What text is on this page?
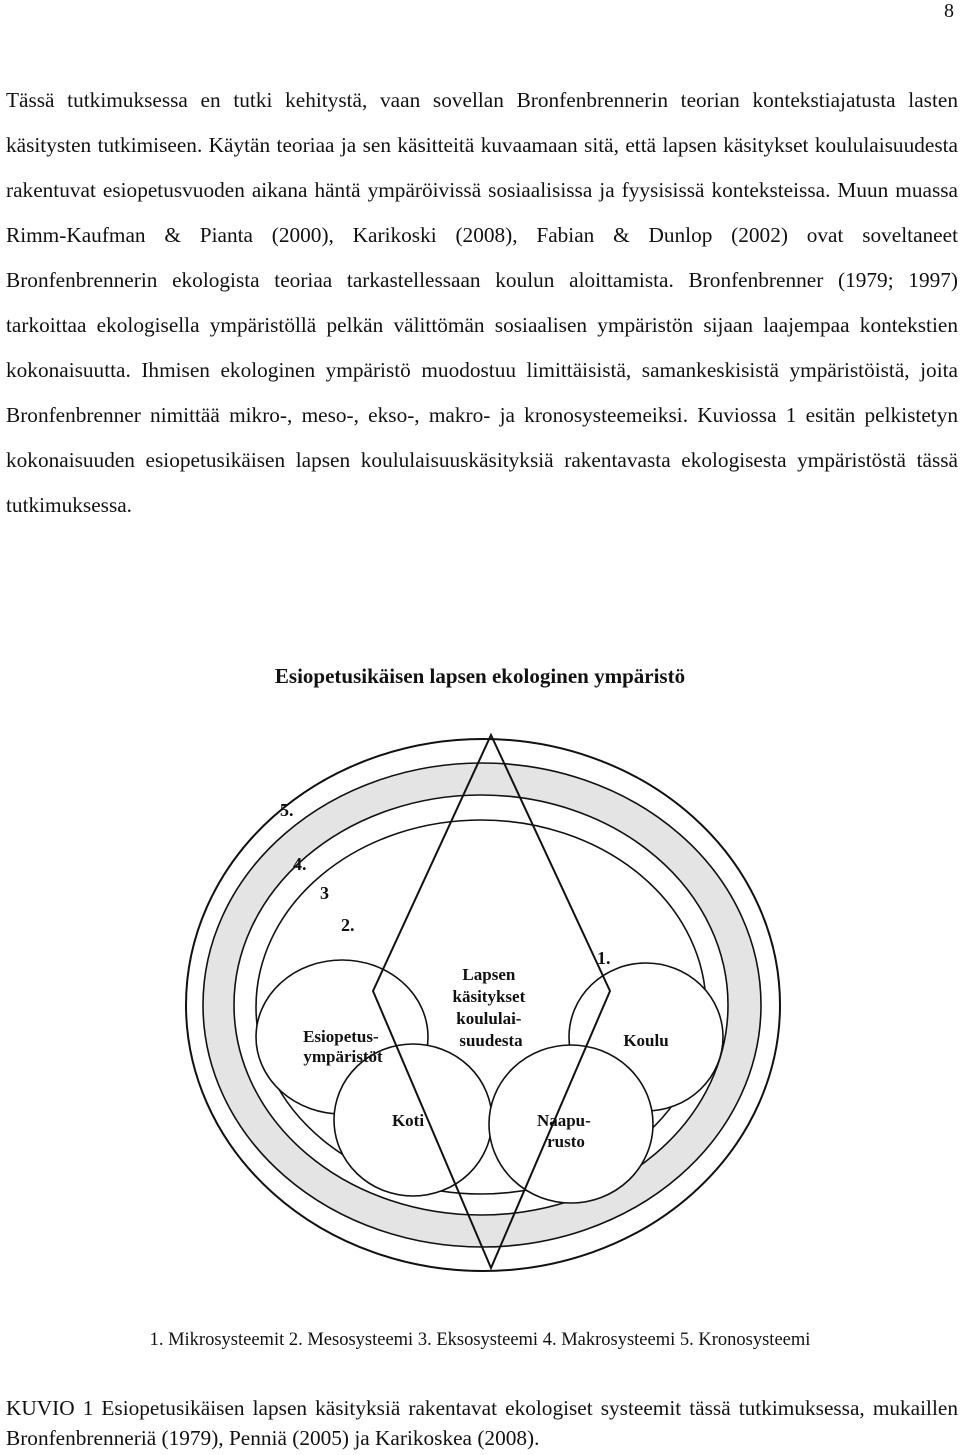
8

Tässä tutkimuksessa en tutki kehitystä, vaan sovellan Bronfenbrennerin teorian kontekstiajatusta lasten käsitysten tutkimiseen. Käytän teoriaa ja sen käsitteitä kuvaamaan sitä, että lapsen käsitykset koululaisuudesta rakentuvat esiopetusvuoden aikana häntä ympäröivissä sosiaalisissa ja fyysisissä konteksteissa. Muun muassa Rimm-Kaufman & Pianta (2000), Karikoski (2008), Fabian & Dunlop (2002) ovat soveltaneet Bronfenbrennerin ekologista teoriaa tarkastellessaan koulun aloittamista. Bronfenbrenner (1979; 1997) tarkoittaa ekologisella ympäristöllä pelkän välittömän sosiaalisen ympäristön sijaan laajempaa kontekstien kokonaisuutta. Ihmisen ekologinen ympäristö muodostuu limittäisistä, samankeskisistä ympäristöistä, joita Bronfenbrenner nimittää mikro-, meso-, ekso-, makro- ja kronosysteemeiksi. Kuviossa 1 esitän pelkistetyn kokonaisuuden esiopetusikäisen lapsen koululaisuuskäsityksiä rakentavasta ekologisesta ympäristöstä tässä tutkimuksessa.

Esiopetusikäisen lapsen ekologinen ympäristö
5.
4.
3
2.
1.
Lapsen käsitykset koululai- suudesta
Esiopetus- ympäristöt
Koulu
Koti	Naapu- rusto
1. Mikrosysteemit 2. Mesosysteemi 3. Eksosysteemi 4. Makrosysteemi 5. Kronosysteemi

KUVIO 1 Esiopetusikäisen lapsen käsityksiä rakentavat ekologiset systeemit tässä tutkimuksessa, mukaillen Bronfenbrenneriä (1979), Penniä (2005) ja Karikoskea (2008).
